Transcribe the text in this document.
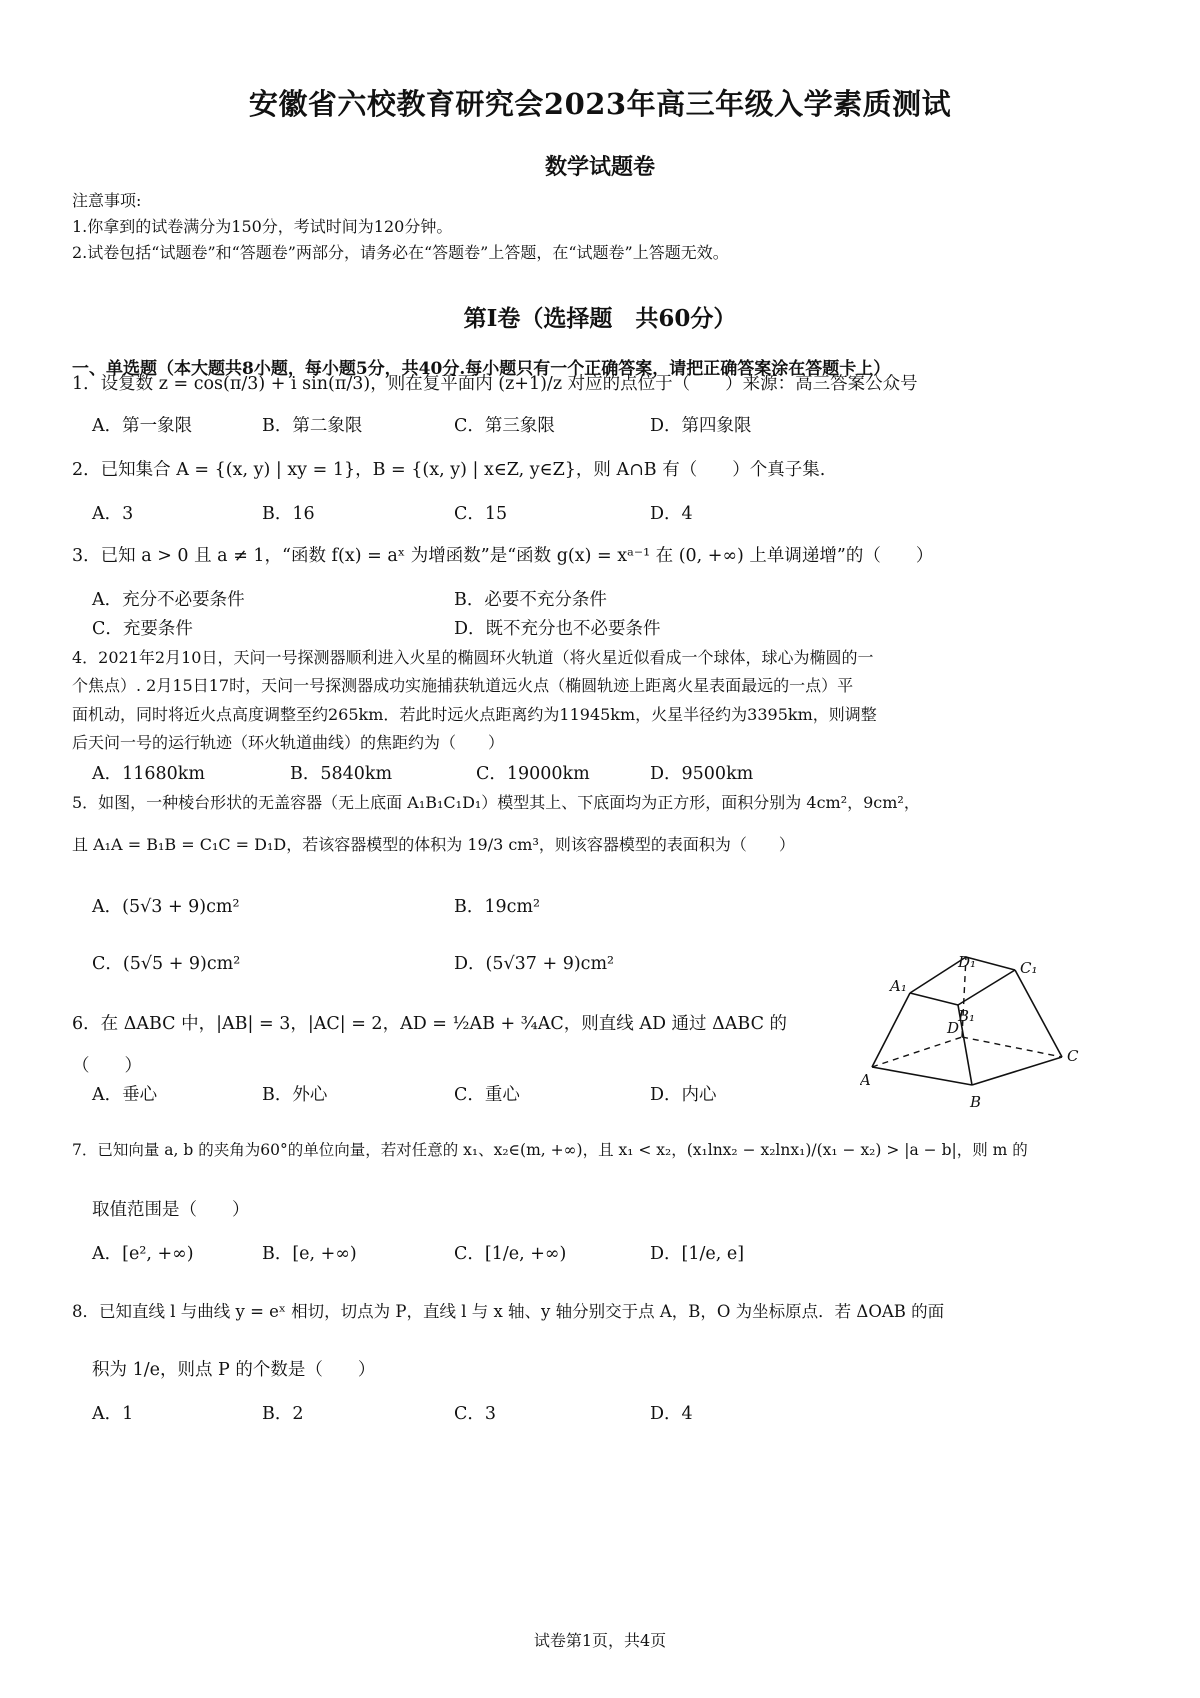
安徽省六校教育研究会2023年高三年级入学素质测试
数学试题卷
注意事项:
1.你拿到的试卷满分为150分，考试时间为120分钟。
2.试卷包括“试题卷”和“答题卷”两部分，请务必在“答题卷”上答题，在“试题卷”上答题无效。
第I卷（选择题　共60分）
一、单选题（本大题共8小题，每小题5分，共40分.每小题只有一个正确答案，请把正确答案涂在答题卡上）
1．设复数 z = cos(π/3) + i sin(π/3)，则在复平面内 (z+1)/z 对应的点位于（　　）来源：高三答案公众号
A．第一象限	B．第二象限	C．第三象限	D．第四象限
2．已知集合 A = {(x, y) | xy = 1}，B = {(x, y) | x∈Z, y∈Z}，则 A∩B 有（　　）个真子集.
A．3	B．16	C．15	D．4
3．已知 a > 0 且 a ≠ 1，“函数 f(x) = aˣ 为增函数”是“函数 g(x) = xᵃ⁻¹ 在 (0, +∞) 上单调递增”的（　　）
A．充分不必要条件	B．必要不充分条件
C．充要条件	D．既不充分也不必要条件
4．2021年2月10日，天问一号探测器顺利进入火星的椭圆环火轨道（将火星近似看成一个球体，球心为椭圆的一
个焦点）. 2月15日17时，天问一号探测器成功实施捕获轨道远火点（椭圆轨迹上距离火星表面最远的一点）平
面机动，同时将近火点高度调整至约265km．若此时远火点距离约为11945km，火星半径约为3395km，则调整
后天问一号的运行轨迹（环火轨道曲线）的焦距约为（　　）
A．11680km	B．5840km	C．19000km	D．9500km
5．如图，一种棱台形状的无盖容器（无上底面 A₁B₁C₁D₁）模型其上、下底面均为正方形，面积分别为 4cm²，9cm²，
且 A₁A = B₁B = C₁C = D₁D，若该容器模型的体积为 19/3 cm³，则该容器模型的表面积为（　　）
A．(5√3 + 9)cm²	B．19cm²
C．(5√5 + 9)cm²	D．(5√37 + 9)cm²
A₁
B₁
C₁
D₁
A
B
C
D
6．在 ΔABC 中，|AB| = 3，|AC| = 2，AD = ½AB + ¾AC，则直线 AD 通过 ΔABC 的
（　　）
A．垂心	B．外心	C．重心	D．内心
7．已知向量 a, b 的夹角为60°的单位向量，若对任意的 x₁、x₂∈(m, +∞)，且 x₁ < x₂，(x₁lnx₂ − x₂lnx₁)/(x₁ − x₂) > |a − b|，则 m 的
取值范围是（　　）
A．[e², +∞)	B．[e, +∞)	C．[1/e, +∞)	D．[1/e, e]
8．已知直线 l 与曲线 y = eˣ 相切，切点为 P，直线 l 与 x 轴、y 轴分别交于点 A，B，O 为坐标原点．若 ΔOAB 的面
积为 1/e，则点 P 的个数是（　　）
A．1	B．2	C．3	D．4
试卷第1页，共4页
